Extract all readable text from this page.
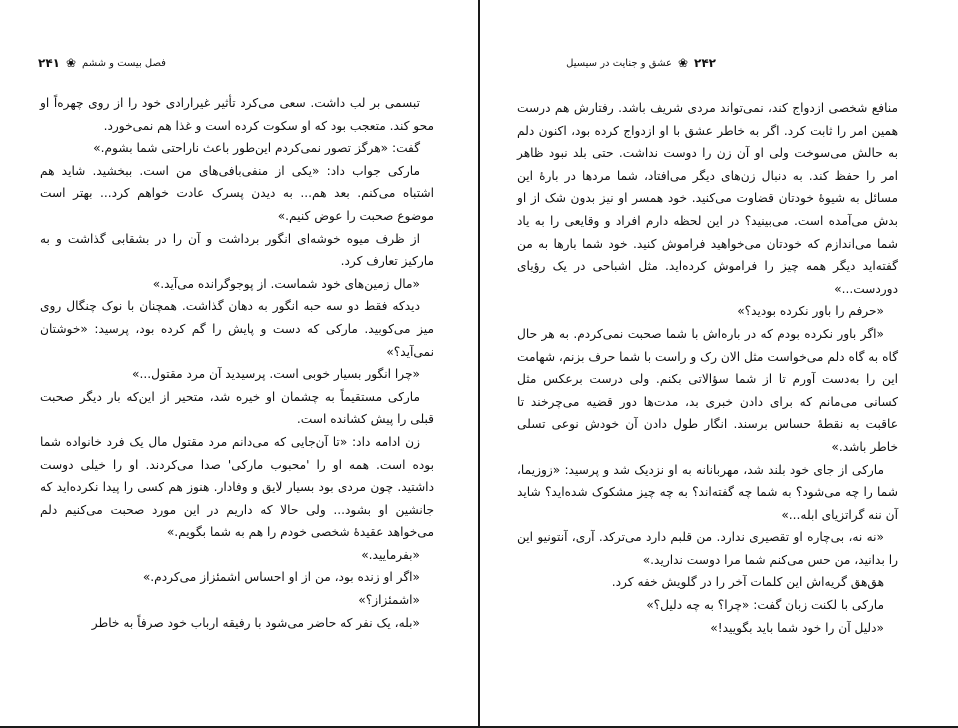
فصل بیست و ششم
❀
۲۴۱

تبسمی بر لب داشت. سعی می‌کرد تأثیر غیرارادی خود را از روی چهره‌اً او محو کند. متعجب بود که او سکوت کرده است و غذا هم نمی‌خورد.

گفت: «هرگز تصور نمی‌کردم این‌طور باعث ناراحتی شما بشوم.»

مارکی جواب داد: «یکی از منفی‌بافی‌های من است. ببخشید. شاید هم اشتباه می‌کنم. بعد هم... به دیدن پسرک عادت خواهم کرد... بهتر است موضوع صحبت را عوض کنیم.»

از ظرف میوه خوشه‌ای انگور برداشت و آن را در بشقابی گذاشت و به مارکیز تعارف کرد.

«مال زمین‌های خود شماست. از پوجوگرانده می‌آید.»

دیدکه فقط دو سه حبه انگور به دهان گذاشت. همچنان با نوک چنگال روی میز می‌کوبید. مارکی که دست و پایش را گم کرده بود، پرسید: «خوشتان نمی‌آید؟»

«چرا انگور بسیار خوبی است. پرسیدید آن مرد مقتول...»

مارکی مستقیماً به چشمان او خیره شد، متحیر از این‌که بار دیگر صحبت قبلی را پیش کشانده است.

زن ادامه داد: «تا آن‌جایی که می‌دانم مرد مقتول مال یک فرد خانواده شما بوده است. همه او را 'محبوب مارکی' صدا می‌کردند. او را خیلی دوست داشتید. چون مردی بود بسیار لایق و وفادار. هنوز هم کسی را پیدا نکرده‌اید که جانشین او بشود... ولی حالا که داریم در این مورد صحبت می‌کنیم دلم می‌خواهد عقیدهٔ شخصی خودم را هم به شما بگویم.»

«بفرمایید.»

«اگر او زنده بود، من از او احساس اشمئزاز می‌کردم.»

«اشمئزاز؟»

«بله، یک نفر که حاضر می‌شود با رفیقه ارباب خود صرفاً به خاطر

۲۴۲
❀
عشق و جنایت در سیسیل

منافع شخصی ازدواج کند، نمی‌تواند مردی شریف باشد. رفتارش هم درست همین امر را ثابت کرد. اگر به خاطر عشق با او ازدواج کرده بود، اکنون دلم به حالش می‌سوخت ولی او آن زن را دوست نداشت. حتی بلد نبود ظاهر امر را حفظ کند. به دنبال زن‌های دیگر می‌افتاد، شما مردها در بارهٔ این مسائل به شیوهٔ خودتان قضاوت می‌کنید. خود همسر او نیز بدون شک از او بدش می‌آمده است. می‌بینید؟ در این لحظه دارم افراد و وقایعی را به یاد شما می‌اندازم که خودتان می‌خواهید فراموش کنید. خود شما بارها به من گفته‌اید دیگر همه چیز را فراموش کرده‌اید. مثل اشباحی در یک رؤیای دوردست...»

«حرفم را باور نکرده بودید؟»

«اگر باور نکرده بودم که در باره‌اش با شما صحبت نمی‌کردم. به هر حال گاه به گاه دلم می‌خواست مثل الان رک و راست با شما حرف بزنم، شهامت این را به‌دست آورم تا از شما سؤالاتی بکنم. ولی درست برعکس مثل کسانی می‌مانم که برای دادن خبری بد، مدت‌ها دور قضیه می‌چرخند تا عاقبت به نقطهٔ حساس برسند. انگار طول دادن آن خودش نوعی تسلی خاطر باشد.»

مارکی از جای خود بلند شد، مهربانانه به او نزدیک شد و پرسید: «زوزیما، شما را چه می‌شود؟ به شما چه گفته‌اند؟ به چه چیز مشکوک شده‌اید؟ شاید آن ننه گراتزیای ابله...»

«نه نه، بی‌چاره او تقصیری ندارد. من قلبم دارد می‌ترکد. آری، آنتونیو این را بدانید، من حس می‌کنم شما مرا دوست ندارید.»

هق‌هق گریه‌اش این کلمات آخر را در گلویش خفه کرد.

مارکی با لکنت زبان گفت: «چرا؟ به چه دلیل؟»

«دلیل آن را خود شما باید بگویید!»
